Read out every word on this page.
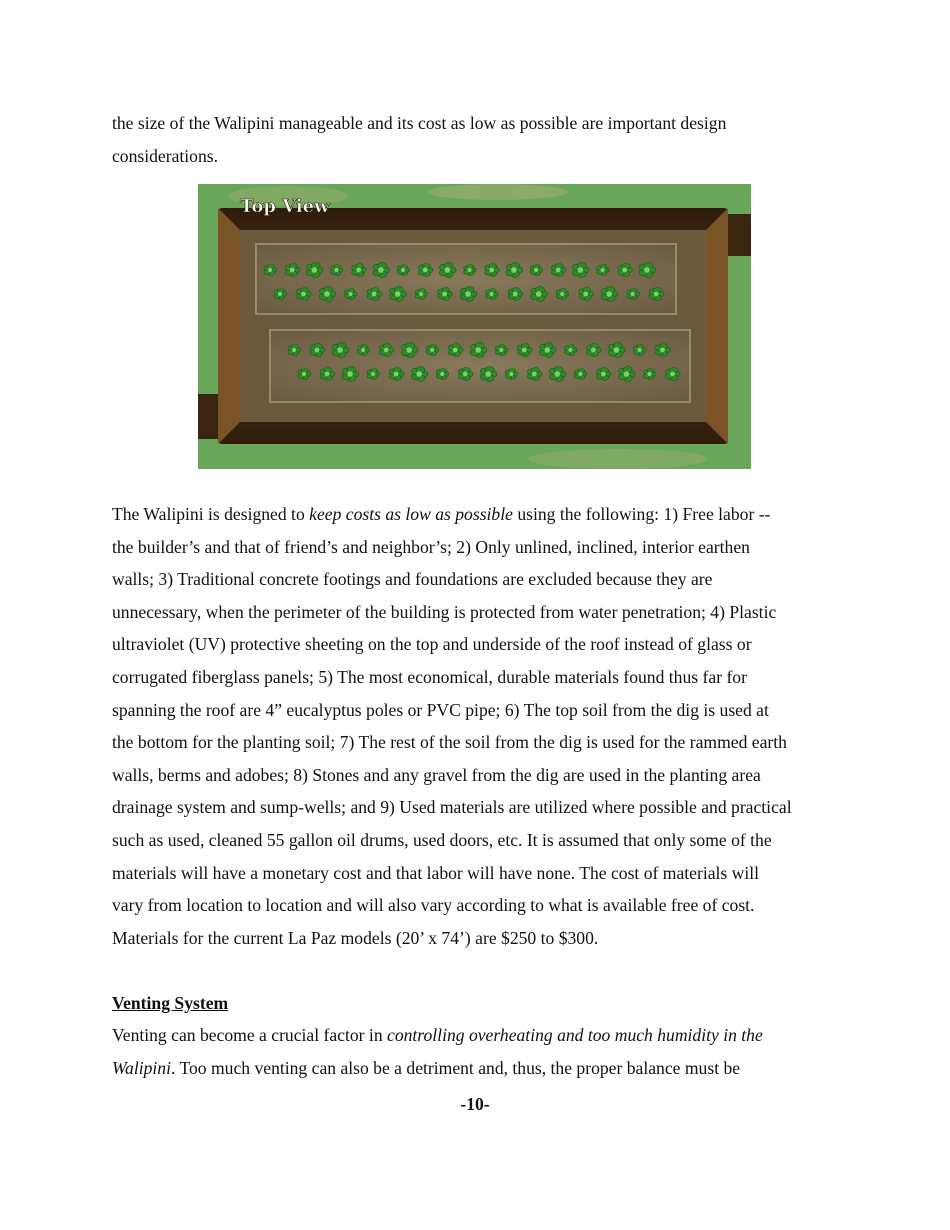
the size of the Walipini manageable and its cost as low as possible are important design
considerations.
Top View
The Walipini is designed to keep costs as low as possible using the following: 1) Free labor --
the builder’s and that of friend’s and neighbor’s; 2) Only unlined, inclined, interior earthen
walls; 3) Traditional concrete footings and foundations are excluded because they are
unnecessary, when the perimeter of the building is protected from water penetration; 4) Plastic
ultraviolet (UV) protective sheeting on the top and underside of the roof instead of glass or
corrugated fiberglass panels; 5) The most economical, durable materials found thus far for
spanning the roof are 4” eucalyptus poles or PVC pipe; 6) The top soil from the dig is used at
the bottom for the planting soil; 7) The rest of the soil from the dig is used for the rammed earth
walls, berms and adobes; 8) Stones and any gravel from the dig are used in the planting area
drainage system and sump-wells; and 9) Used materials are utilized where possible and practical
such as used, cleaned 55 gallon oil drums, used doors, etc. It is assumed that only some of the
materials will have a monetary cost and that labor will have none. The cost of materials will
vary from location to location and will also vary according to what is available free of cost.
Materials for the current La Paz models (20’ x 74’) are $250 to $300.
Venting System
Venting can become a crucial factor in controlling overheating and too much humidity in the
Walipini. Too much venting can also be a detriment and, thus, the proper balance must be
-10-
